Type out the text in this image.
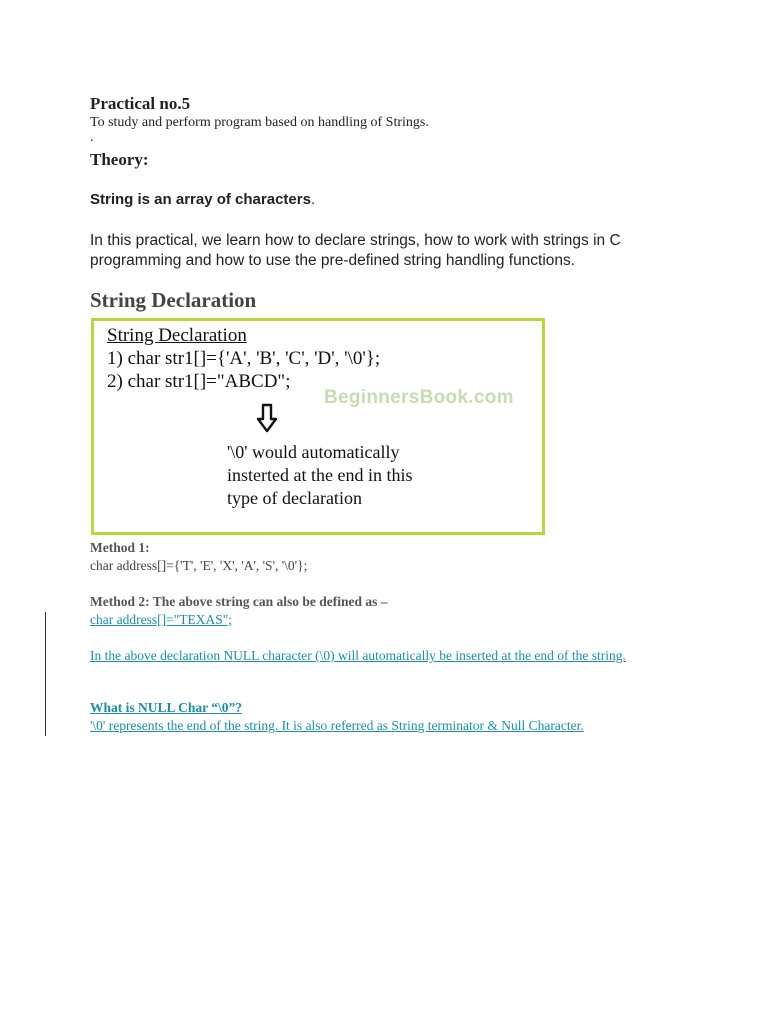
Practical no.5
To study and perform program based on handling of Strings.
.
Theory:
String is an array of characters.
In this practical, we learn how to declare strings, how to work with strings in C programming and how to use the pre-defined string handling functions.
String Declaration
String Declaration
1) char str1[]={'A', 'B', 'C', 'D', '\0'};
2) char str1[]="ABCD";
BeginnersBook.com
'\0' would automatically
insterted at the end in this
type of declaration
Method 1:
char address[]={'T', 'E', 'X', 'A', 'S', '\0'};
Method 2: The above string can also be defined as –
char address[]="TEXAS";
In the above declaration NULL character (\0) will automatically be inserted at the end of the string.
What is NULL Char “\0”?
'\0' represents the end of the string. It is also referred as String terminator & Null Character.
